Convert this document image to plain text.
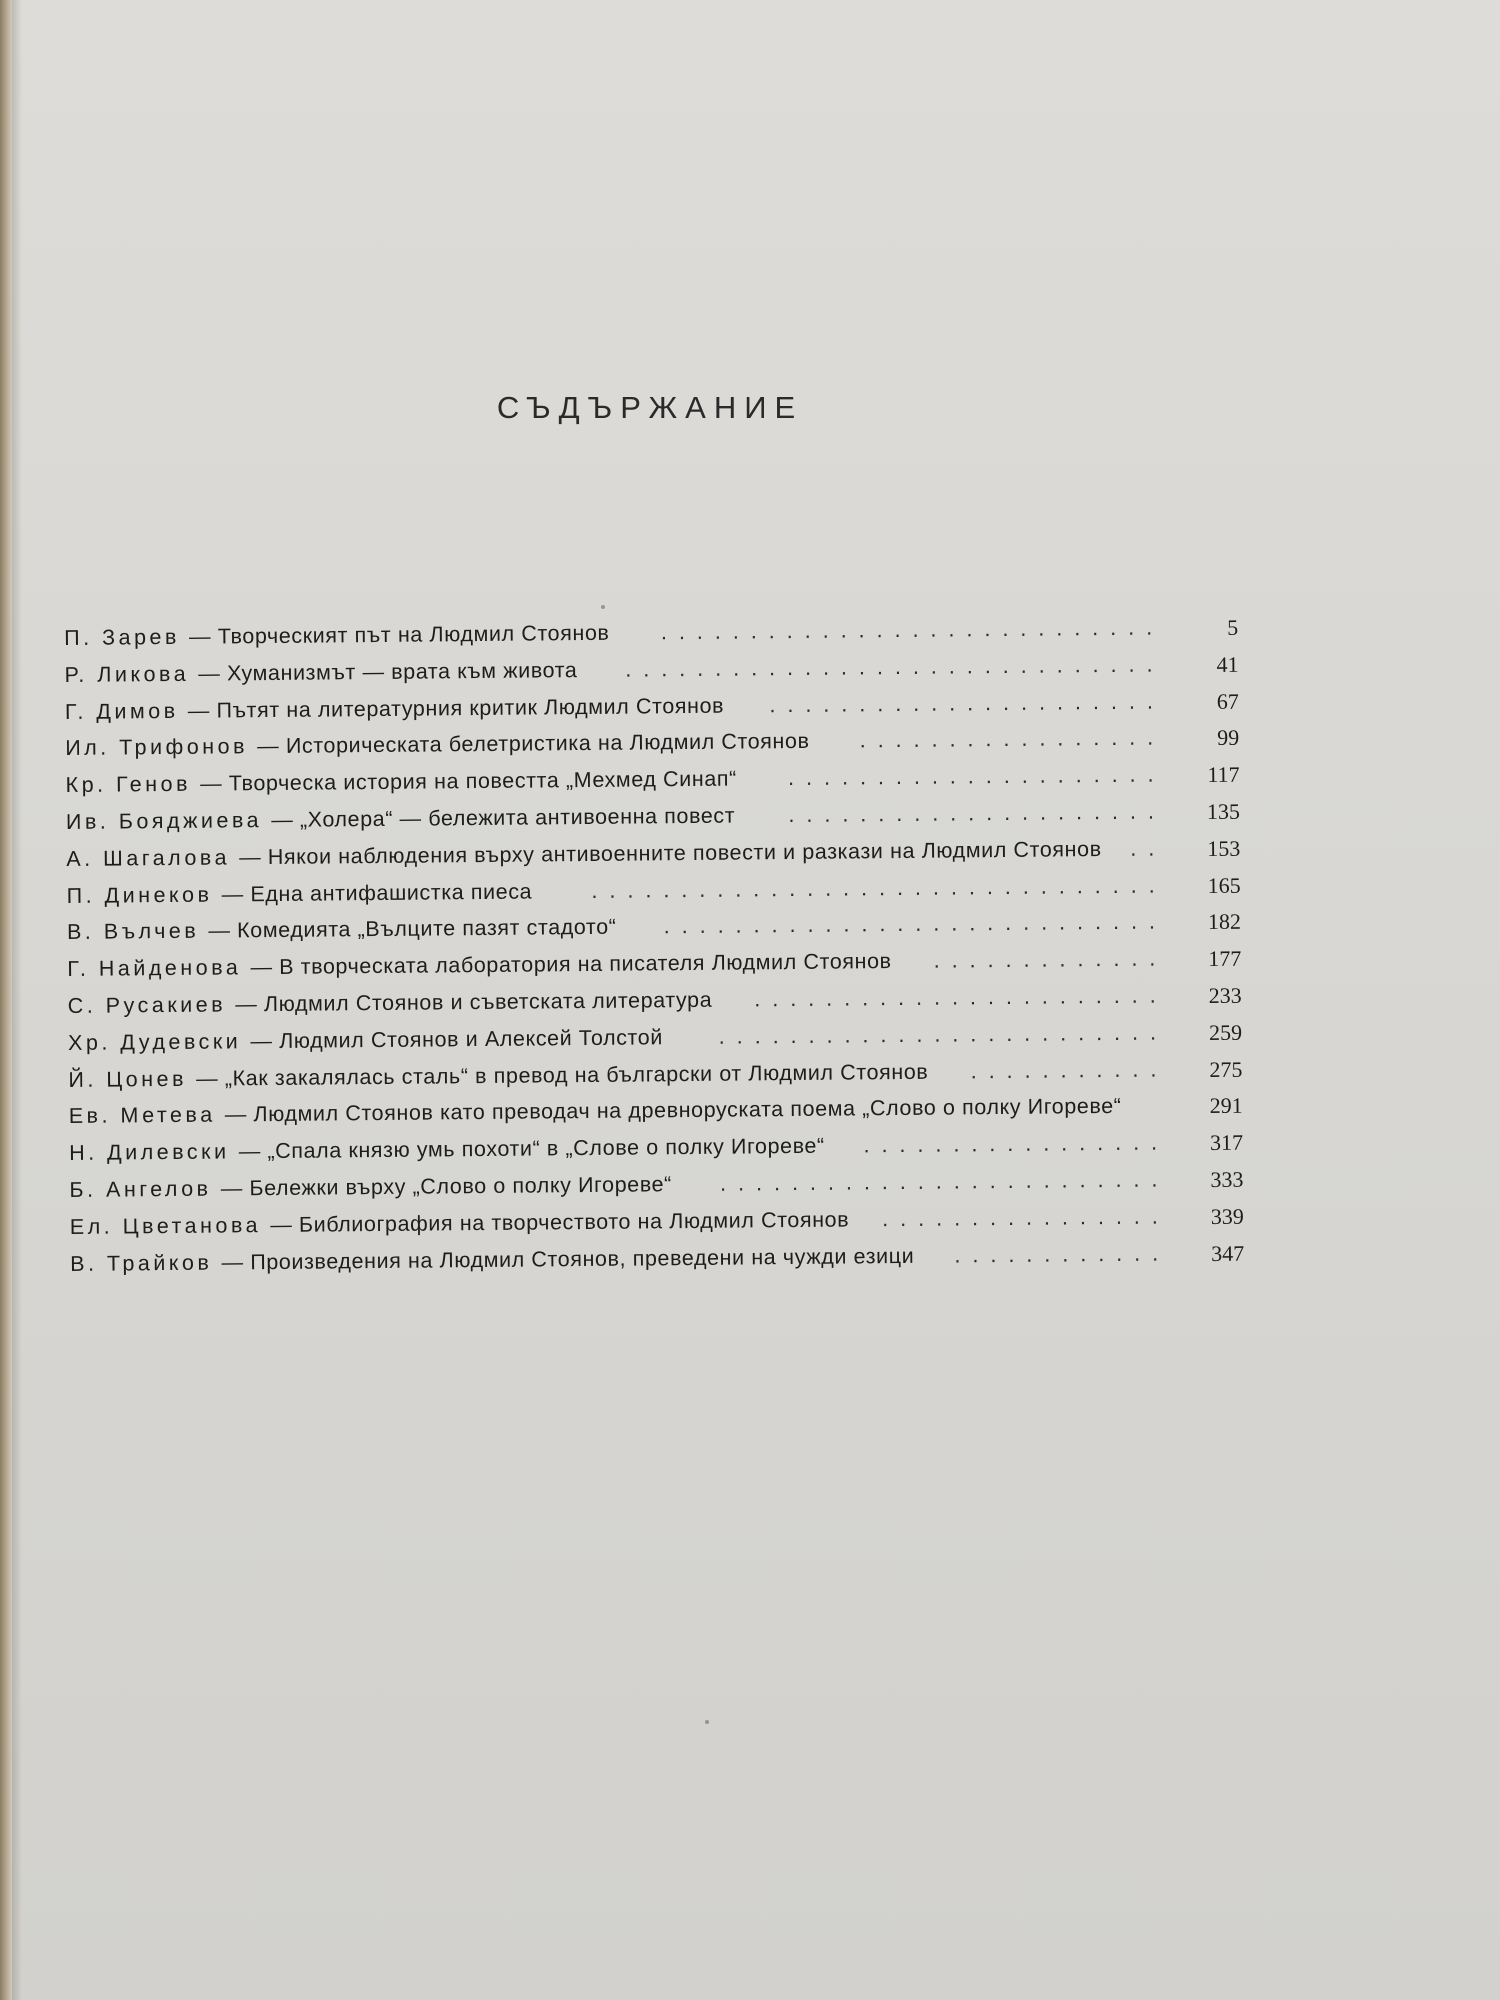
СЪДЪРЖАНИЕ
............................
П. Зарев — Творческият път на Людмил Стоянов	5
..............................
Р. Ликова — Хуманизмът — врата към живота	41
......................
Г. Димов — Пътят на литературния критик Людмил Стоянов	67
.................
Ил. Трифонов — Историческата белетристика на Людмил Стоянов	99
.....................
Кр. Генов — Творческа история на повестта „Мехмед Синап“	117
.....................
Ив. Бояджиева — „Холера“ — бележита антивоенна повест	135
..
А. Шагалова — Някои наблюдения върху антивоенните повести и разкази на Людмил Стоянов	153
................................
П. Динеков — Една антифашистка пиеса	165
............................
В. Вълчев — Комедията „Вълците пазят стадото“	182
.............
Г. Найденова — В творческата лаборатория на писателя Людмил Стоянов	177
.......................
С. Русакиев — Людмил Стоянов и съветската литература	233
.........................
Хр. Дудевски — Людмил Стоянов и Алексей Толстой	259
...........
Й. Цонев — „Как закалялась сталь“ в превод на български от Людмил Стоянов	275
Ев. Метева — Людмил Стоянов като преводач на древноруската поема „Слово о полку Игореве“	291
.................
Н. Дилевски — „Спала князю умь похоти“ в „Слове о полку Игореве“	317
.........................
Б. Ангелов — Бележки върху „Слово о полку Игореве“	333
................
Ел. Цветанова — Библиография на творчеството на Людмил Стоянов	339
............
В. Трайков — Произведения на Людмил Стоянов, преведени на чужди езици	347
